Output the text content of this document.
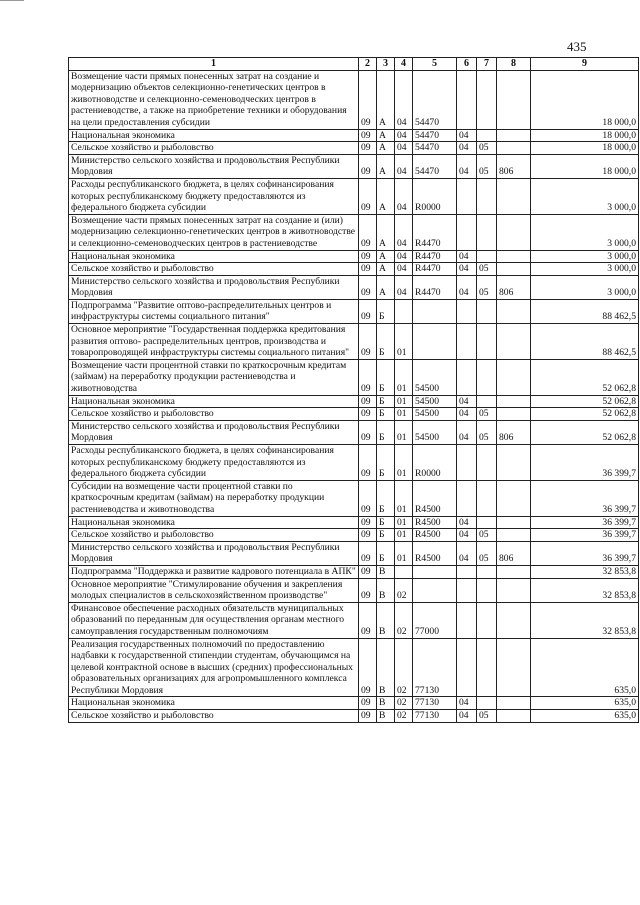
435
1	2	3	4	5	6	7	8	9
Возмещение части прямых понесенных затрат на создание и модернизацию объектов селекционно-генетических центров в животноводстве и селекционно-семеноводческих центров в растениеводстве, а также на приобретение техники и оборудования на цели предоставления субсидии	09	А	04	54470				18 000,0
Национальная экономика	09	А	04	54470	04			18 000,0
Сельское хозяйство и рыболовство	09	А	04	54470	04	05		18 000,0
Министерство сельского хозяйства и продовольствия Республики Мордовия	09	А	04	54470	04	05	806	18 000,0
Расходы республиканского бюджета, в целях софинансирования которых республиканскому бюджету предоставляются из федерального бюджета субсидии	09	А	04	R0000				3 000,0
Возмещение части прямых понесенных затрат на создание и (или) модернизацию селекционно-генетических центров в животноводстве и селекционно-семеноводческих центров в растениеводстве	09	А	04	R4470				3 000,0
Национальная экономика	09	А	04	R4470	04			3 000,0
Сельское хозяйство и рыболовство	09	А	04	R4470	04	05		3 000,0
Министерство сельского хозяйства и продовольствия Республики Мордовия	09	А	04	R4470	04	05	806	3 000,0
Подпрограмма "Развитие оптово-распределительных центров и инфраструктуры системы социального питания"	09	Б						88 462,5
Основное мероприятие "Государственная поддержка кредитования развития оптово- распределительных центров, производства и товаропроводящей инфраструктуры системы социального питания"	09	Б	01					88 462,5
Возмещение части процентной ставки по краткосрочным кредитам (займам) на переработку продукции растениеводства и животноводства	09	Б	01	54500				52 062,8
Национальная экономика	09	Б	01	54500	04			52 062,8
Сельское хозяйство и рыболовство	09	Б	01	54500	04	05		52 062,8
Министерство сельского хозяйства и продовольствия Республики Мордовия	09	Б	01	54500	04	05	806	52 062,8
Расходы республиканского бюджета, в целях софинансирования которых республиканскому бюджету предоставляются из федерального бюджета субсидии	09	Б	01	R0000				36 399,7
Субсидии на возмещение части процентной ставки по краткосрочным кредитам (займам) на переработку продукции растениеводства и животноводства	09	Б	01	R4500				36 399,7
Национальная экономика	09	Б	01	R4500	04			36 399,7
Сельское хозяйство и рыболовство	09	Б	01	R4500	04	05		36 399,7
Министерство сельского хозяйства и продовольствия Республики Мордовия	09	Б	01	R4500	04	05	806	36 399,7
Подпрограмма "Поддержка и развитие кадрового потенциала в АПК"	09	В						32 853,8
Основное мероприятие "Стимулирование обучения и закрепления молодых специалистов в сельскохозяйственном производстве"	09	В	02					32 853,8
Финансовое обеспечение расходных обязательств муниципальных образований по переданным для осуществления органам местного самоуправления государственным полномочиям	09	В	02	77000				32 853,8
Реализация государственных полномочий по предоставлению надбавки к государственной стипендии студентам, обучающимся на целевой контрактной основе в высших (средних) профессиональных образовательных организациях для агропромышленного комплекса Республики Мордовия	09	В	02	77130				635,0
Национальная экономика	09	В	02	77130	04			635,0
Сельское хозяйство и рыболовство	09	В	02	77130	04	05		635,0
